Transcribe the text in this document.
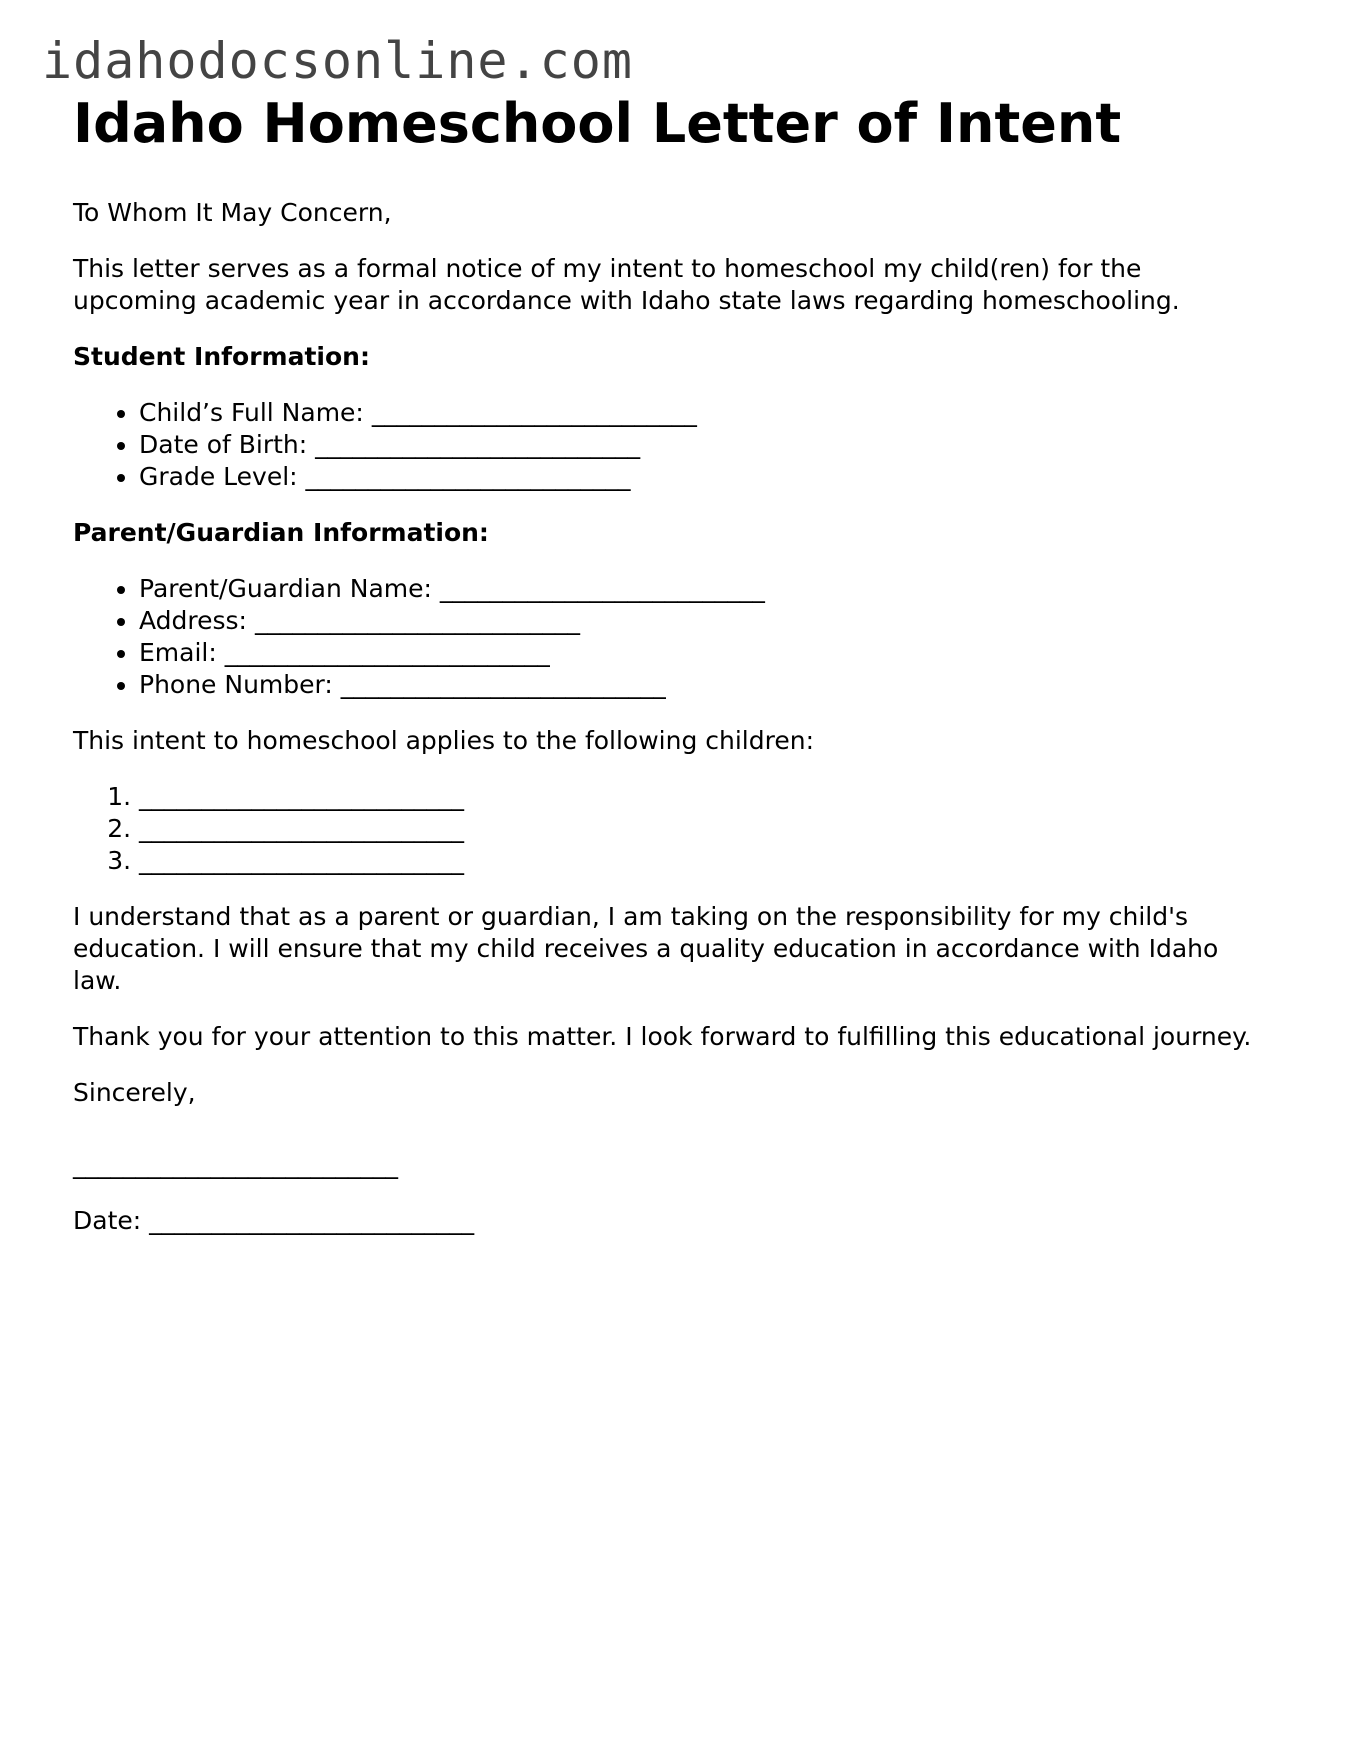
idahodocsonline.com
Idaho Homeschool Letter of Intent

To Whom It May Concern,

This letter serves as a formal notice of my intent to homeschool my child(ren) for the upcoming academic year in accordance with Idaho state laws regarding homeschooling.

Student Information:

• Child’s Full Name: __________________________
• Date of Birth: __________________________
• Grade Level: __________________________

Parent/Guardian Information:

• Parent/Guardian Name: __________________________
• Address: __________________________
• Email: __________________________
• Phone Number: __________________________

This intent to homeschool applies to the following children:

1. __________________________
2. __________________________
3. __________________________

I understand that as a parent or guardian, I am taking on the responsibility for my child's education. I will ensure that my child receives a quality education in accordance with Idaho law.

Thank you for your attention to this matter. I look forward to fulfilling this educational journey.

Sincerely,

__________________________

Date: __________________________
